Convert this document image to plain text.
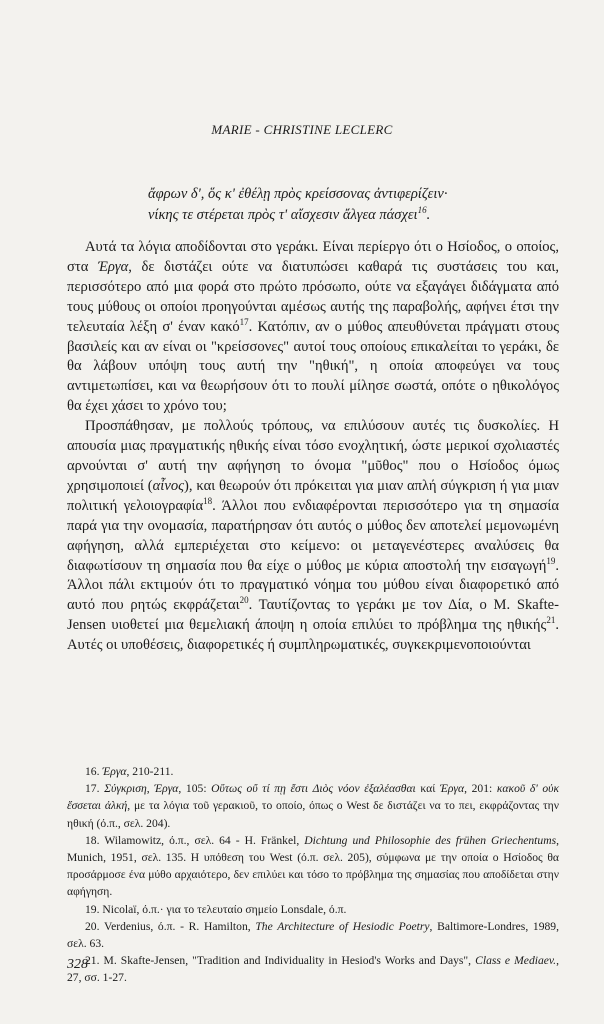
MARIE - CHRISTINE LECLERC
ἄφρων δ', ὅς κ' ἐθέλῃ πρὸς κρείσσονας ἀντιφερίζειν·
νίκης τε στέρεται πρὸς τ' αἴσχεσιν ἄλγεα πάσχει$^{16}$.

Αυτά τα λόγια αποδίδονται στο γεράκι. Είναι περίεργο ότι ο Ησίοδος, ο οποίος, στα Έργα, δε διστάζει ούτε να διατυπώσει καθαρά τις συστάσεις του και, περισσότερο από μια φορά στο πρώτο πρόσωπο, ούτε να εξαγάγει διδάγματα από τους μύθους οι οποίοι προηγούνται αμέσως αυτής της παραβολής, αφήνει έτσι την τελευταία λέξη σ' έναν κακό$^{17}$. Κατόπιν, αν ο μύθος απευθύνεται πράγματι στους βασιλείς και αν είναι οι "κρείσσονες" αυτοί τους οποίους επικαλείται το γεράκι, δε θα λάβουν υπόψη τους αυτή την "ηθική", η οποία αποφεύγει να τους αντιμετωπίσει, και να θεωρήσουν ότι το πουλί μίλησε σωστά, οπότε ο ηθικολόγος θα έχει χάσει το χρόνο του;

Προσπάθησαν, με πολλούς τρόπους, να επιλύσουν αυτές τις δυσκολίες. Η απουσία μιας πραγματικής ηθικής είναι τόσο ενοχλητική, ώστε μερικοί σχολιαστές αρνούνται σ' αυτή την αφήγηση το όνομα "μῦθος" που ο Ησίοδος όμως χρησιμοποιεί (αἶνος), και θεωρούν ότι πρόκειται για μιαν απλή σύγκριση ή για μιαν πολιτική γελοιογραφία$^{18}$. Άλλοι που ενδιαφέρονται περισσότερο για τη σημασία παρά για την ονομασία, παρατήρησαν ότι αυτός ο μύθος δεν αποτελεί μεμονωμένη αφήγηση, αλλά εμπεριέχεται στο κείμενο: οι μεταγενέστερες αναλύσεις θα διαφωτίσουν τη σημασία που θα είχε ο μύθος με κύρια αποστολή την εισαγωγή$^{19}$. Άλλοι πάλι εκτιμούν ότι το πραγματικό νόημα του μύθου είναι διαφορετικό από αυτό που ρητώς εκφράζεται$^{20}$. Ταυτίζοντας το γεράκι με τον Δία, ο M. Skafte-Jensen υιοθετεί μια θεμελιακή άποψη η οποία επιλύει το πρόβλημα της ηθικής$^{21}$. Αυτές οι υποθέσεις, διαφορετικές ή συμπληρωματικές, συγκεκριμενοποιούνται

16. Έργα, 210-211.

17. Σύγκριση, Έργα, 105: Οὕτως οὔ τί πῃ ἔστι Διὸς νόον ἐξαλέασθαι καί Έργα, 201: κακοῦ δ' οὐκ ἔσσεται ἀλκή, με τα λόγια τοῦ γερακιοῦ, το οποίο, όπως ο West δε διστάζει να το πει, εκφράζοντας την ηθική (ό.π., σελ. 204).

18. Wilamowitz, ό.π., σελ. 64 - H. Fränkel, Dichtung und Philosophie des frühen Griechentums, Munich, 1951, σελ. 135. Η υπόθεση του West (ό.π. σελ. 205), σύμφωνα με την οποία ο Ησίοδος θα προσάρμοσε ένα μύθο αρχαιότερο, δεν επιλύει και τόσο το πρόβλημα της σημασίας που αποδίδεται στην αφήγηση.

19. Nicolaï, ό.π.· για το τελευταίο σημείο Lonsdale, ό.π.

20. Verdenius, ό.π. - R. Hamilton, The Architecture of Hesiodic Poetry, Baltimore-Londres, 1989, σελ. 63.

21. M. Skafte-Jensen, "Tradition and Individuality in Hesiod's Works and Days", Class e Mediaev., 27, σσ. 1-27.

328
